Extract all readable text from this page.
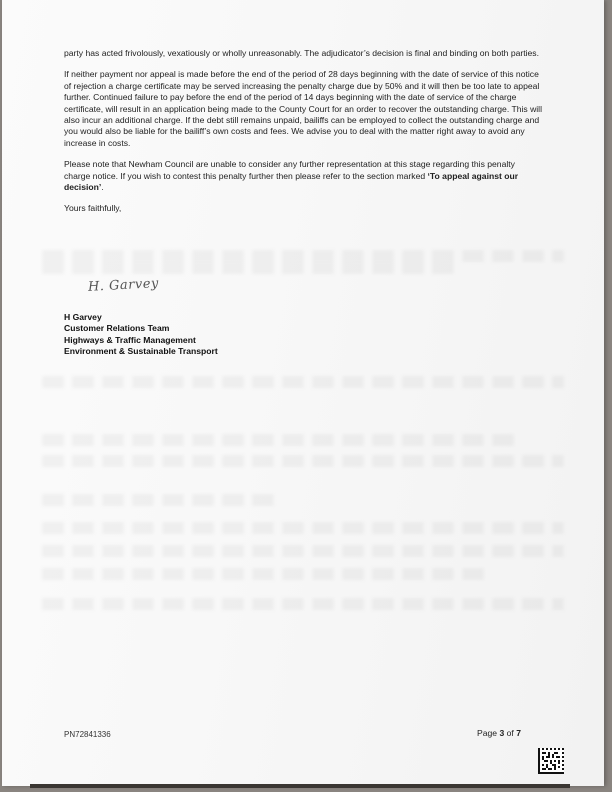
party has acted frivolously, vexatiously or wholly unreasonably. The adjudicator’s decision is final and binding on both parties.

If neither payment nor appeal is made before the end of the period of 28 days beginning with the date of service of this notice of rejection a charge certificate may be served increasing the penalty charge due by 50% and it will then be too late to appeal further. Continued failure to pay before the end of the period of 14 days beginning with the date of service of the charge certificate, will result in an application being made to the County Court for an order to recover the outstanding charge. This will also incur an additional charge. If the debt still remains unpaid, bailiffs can be employed to collect the outstanding charge and you would also be liable for the bailiff’s own costs and fees. We advise you to deal with the matter right away to avoid any increase in costs.

Please note that Newham Council are unable to consider any further representation at this stage regarding this penalty charge notice. If you wish to contest this penalty further then please refer to the section marked ‘To appeal against our decision’.

Yours faithfully,

H. Garvey
H Garvey
Customer Relations Team
Highways & Traffic Management
Environment & Sustainable Transport
PN72841336	Page 3 of 7
